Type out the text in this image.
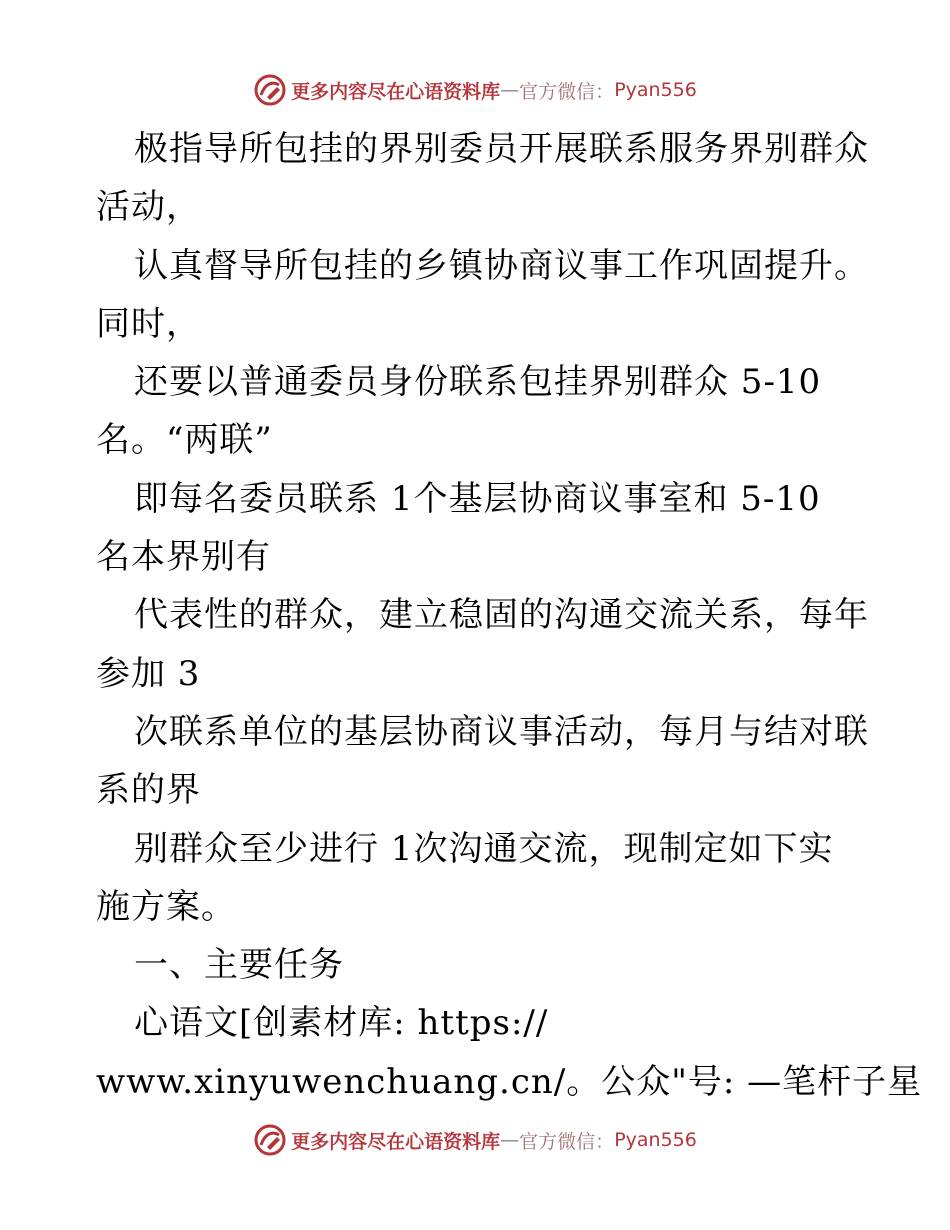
更多内容尽在心语资料库 — 官方微信： Pyan556
极指导所包挂的界别委员开展联系服务界别群众
活动，
认真督导所包挂的乡镇协商议事工作巩固提升。
同时，
还要以普通委员身份联系包挂界别群众 5-10
名。“两联”
即每名委员联系 1个基层协商议事室和 5-10
名本界别有
代表性的群众，建立稳固的沟通交流关系，每年
参加 3
次联系单位的基层协商议事活动，每月与结对联
系的界
别群众至少进行 1次沟通交流，现制定如下实
施方案。
一、主要任务
心语文[创素材库: https://
www.xinyuwenchuang.cn/。公众"号: —笔杆子星
更多内容尽在心语资料库 — 官方微信： Pyan556
